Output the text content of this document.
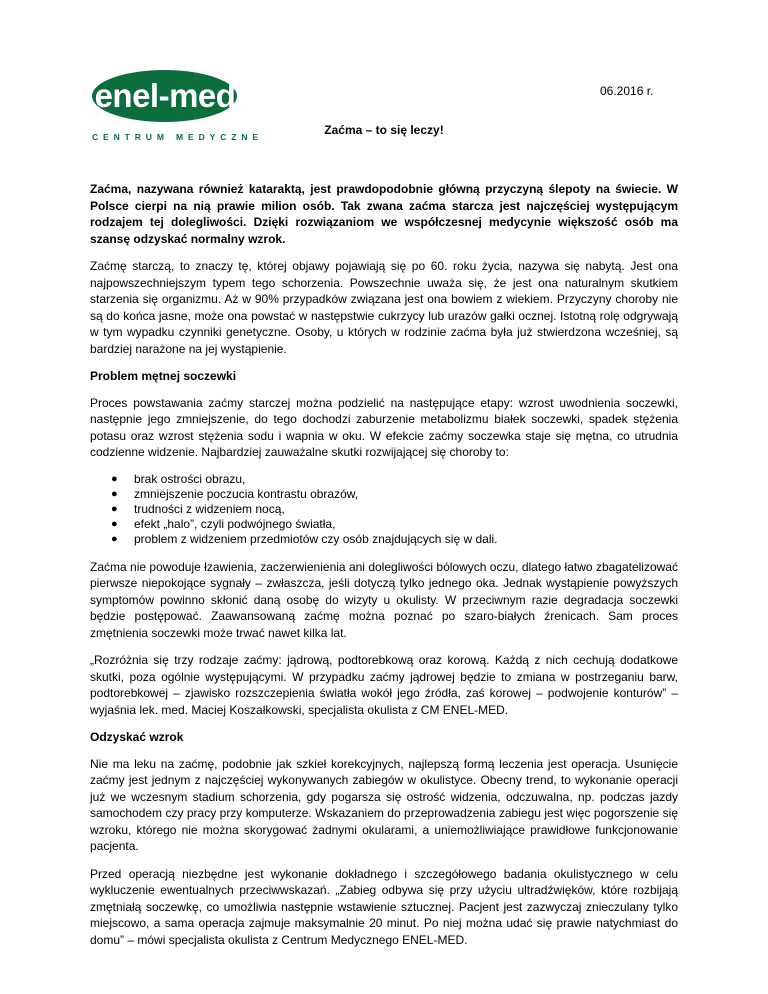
enel-med
CENTRUM MEDYCZNE
06.2016 r.
Zaćma – to się leczy!

Zaćma, nazywana również kataraktą, jest prawdopodobnie główną przyczyną ślepoty na świecie. W Polsce cierpi na nią prawie milion osób. Tak zwana zaćma starcza jest najczęściej występującym rodzajem tej dolegliwości. Dzięki rozwiązaniom we współczesnej medycynie większość osób ma szansę odzyskać normalny wzrok.

Zaćmę starczą, to znaczy tę, której objawy pojawiają się po 60. roku życia, nazywa się nabytą. Jest ona najpowszechniejszym typem tego schorzenia. Powszechnie uważa się, że jest ona naturalnym skutkiem starzenia się organizmu. Aż w 90% przypadków związana jest ona bowiem z wiekiem. Przyczyny choroby nie są do końca jasne, może ona powstać w następstwie cukrzycy lub urazów gałki ocznej. Istotną rolę odgrywają w tym wypadku czynniki genetyczne. Osoby, u których w rodzinie zaćma była już stwierdzona wcześniej, są bardziej narażone na jej wystąpienie.

Problem mętnej soczewki

Proces powstawania zaćmy starczej można podzielić na następujące etapy: wzrost uwodnienia soczewki, następnie jego zmniejszenie, do tego dochodzi zaburzenie metabolizmu białek soczewki, spadek stężenia potasu oraz wzrost stężenia sodu i wapnia w oku. W efekcie zaćmy soczewka staje się mętna, co utrudnia codzienne widzenie. Najbardziej zauważalne skutki rozwijającej się choroby to:

● brak ostrości obrazu,
● zmniejszenie poczucia kontrastu obrazów,
● trudności z widzeniem nocą,
● efekt „halo”, czyli podwójnego światła,
● problem z widzeniem przedmiotów czy osób znajdujących się w dali.

Zaćma nie powoduje łzawienia, zaczerwienienia ani dolegliwości bólowych oczu, dlatego łatwo zbagatelizować pierwsze niepokojące sygnały – zwłaszcza, jeśli dotyczą tylko jednego oka. Jednak wystąpienie powyższych symptomów powinno skłonić daną osobę do wizyty u okulisty. W przeciwnym razie degradacja soczewki będzie postępować. Zaawansowaną zaćmę można poznać po szaro-białych źrenicach. Sam proces zmętnienia soczewki może trwać nawet kilka lat.

„Rozróżnia się trzy rodzaje zaćmy: jądrową, podtorebkową oraz korową. Każdą z nich cechują dodatkowe skutki, poza ogólnie występującymi. W przypadku zaćmy jądrowej będzie to zmiana w postrzeganiu barw, podtorebkowej – zjawisko rozszczepienia światła wokół jego źródła, zaś korowej – podwojenie konturów” – wyjaśnia lek. med. Maciej Koszałkowski, specjalista okulista z CM ENEL-MED.

Odzyskać wzrok

Nie ma leku na zaćmę, podobnie jak szkieł korekcyjnych, najlepszą formą leczenia jest operacja. Usunięcie zaćmy jest jednym z najczęściej wykonywanych zabiegów w okulistyce. Obecny trend, to wykonanie operacji już we wczesnym stadium schorzenia, gdy pogarsza się ostrość widzenia, odczuwalna, np. podczas jazdy samochodem czy pracy przy komputerze. Wskazaniem do przeprowadzenia zabiegu jest więc pogorszenie się wzroku, którego nie można skorygować żadnymi okularami, a uniemożliwiające prawidłowe funkcjonowanie pacjenta.

Przed operacją niezbędne jest wykonanie dokładnego i szczegółowego badania okulistycznego w celu wykluczenie ewentualnych przeciwwskazań. „Zabieg odbywa się przy użyciu ultradźwięków, które rozbijają zmętniałą soczewkę, co umożliwia następnie wstawienie sztucznej. Pacjent jest zazwyczaj znieczulany tylko miejscowo, a sama operacja zajmuje maksymalnie 20 minut. Po niej można udać się prawie natychmiast do domu” – mówi specjalista okulista z Centrum Medycznego ENEL-MED.
